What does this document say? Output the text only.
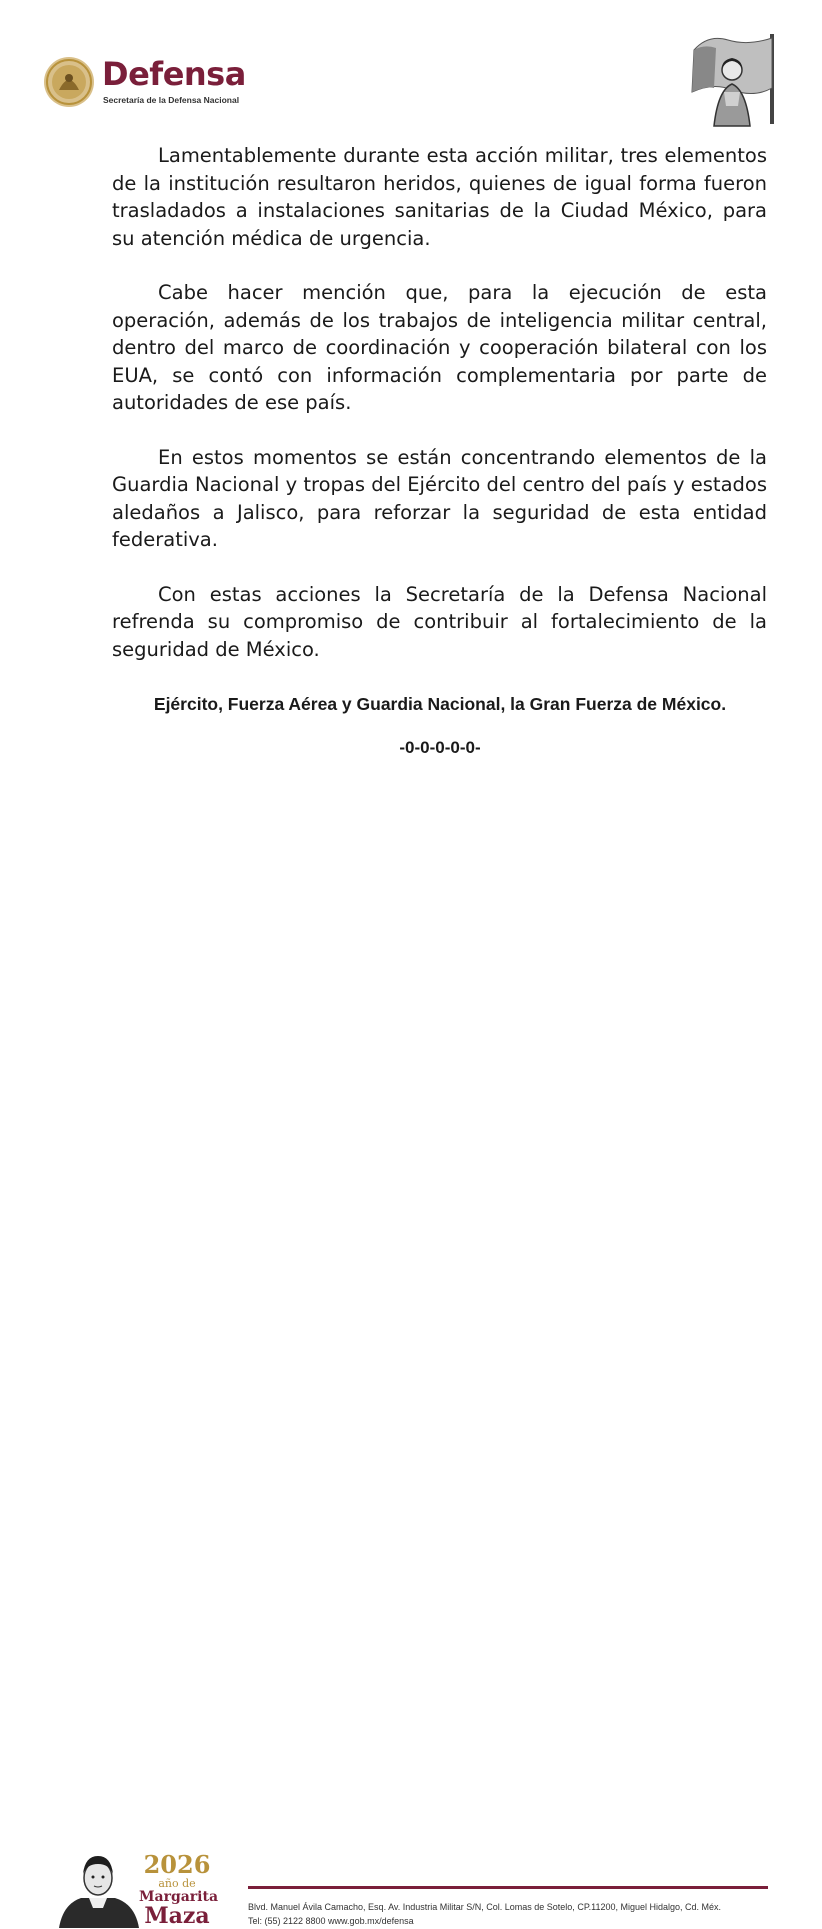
Defensa
Secretaría de la Defensa Nacional

Lamentablemente durante esta acción militar, tres elementos de la institución resultaron heridos, quienes de igual forma fueron trasladados a instalaciones sanitarias de la Ciudad México, para su atención médica de urgencia.

Cabe hacer mención que, para la ejecución de esta operación, además de los trabajos de inteligencia militar central, dentro del marco de coordinación y cooperación bilateral con los EUA, se contó con información complementaria por parte de autoridades de ese país.

En estos momentos se están concentrando elementos de la Guardia Nacional y tropas del Ejército del centro del país y estados aledaños a Jalisco, para reforzar la seguridad de esta entidad federativa.

Con estas acciones la Secretaría de la Defensa Nacional refrenda su compromiso de contribuir al fortalecimiento de la seguridad de México.

Ejército, Fuerza Aérea y Guardia Nacional, la Gran Fuerza de México.
-0-0-0-0-0-
2026
año de
Margarita
Maza	Blvd. Manuel Ávila Camacho, Esq. Av. Industria Militar S/N, Col. Lomas de Sotelo, CP.11200, Miguel Hidalgo, Cd. Méx.
Tel: (55) 2122 8800 www.gob.mx/defensa
